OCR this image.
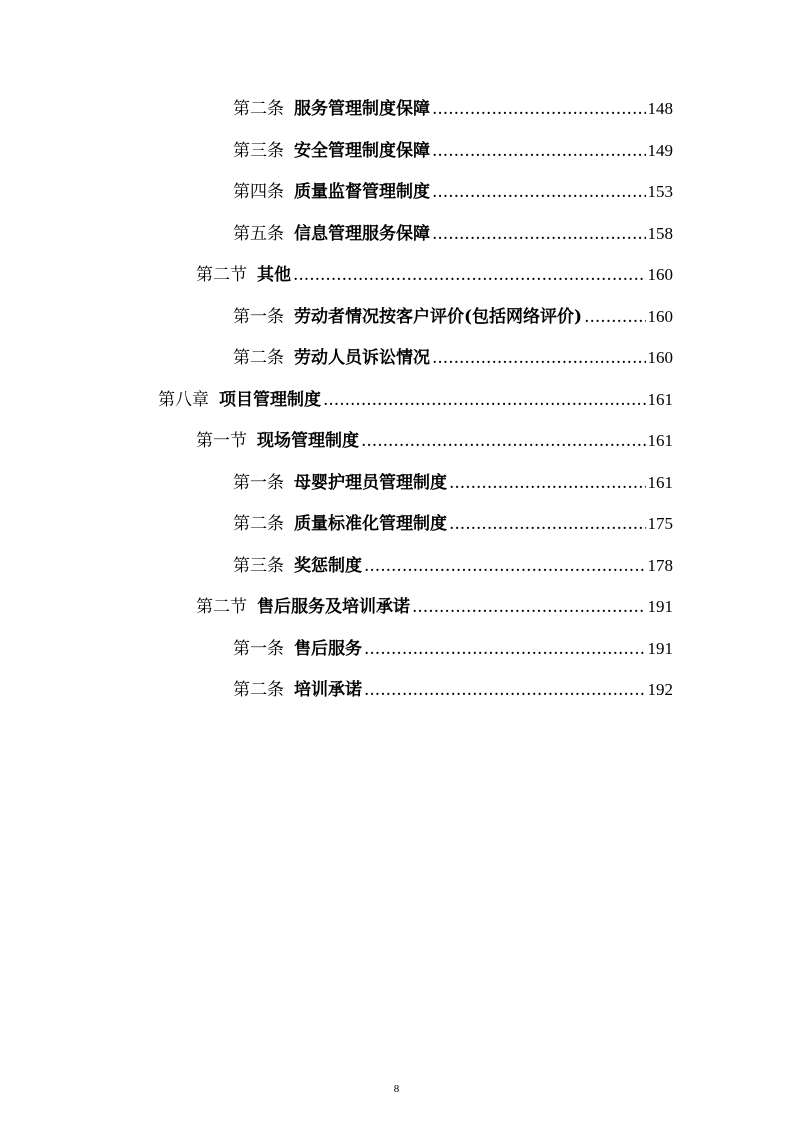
第二条 服务管理制度保障 .....	148
第三条 安全管理制度保障 .....	149
第四条 质量监督管理制度 .....	153
第五条 信息管理服务保障 .....	158
第二节 其他 .....	160
第一条 劳动者情况按客户评价(包括网络评价) .....	160
第二条 劳动人员诉讼情况 .....	160
第八章 项目管理制度 .....	161
第一节 现场管理制度 .....	161
第一条 母婴护理员管理制度 .....	161
第二条 质量标准化管理制度 .....	175
第三条 奖惩制度 .....	178
第二节 售后服务及培训承诺 .....	191
第一条 售后服务 .....	191
第二条 培训承诺 .....	192
8
